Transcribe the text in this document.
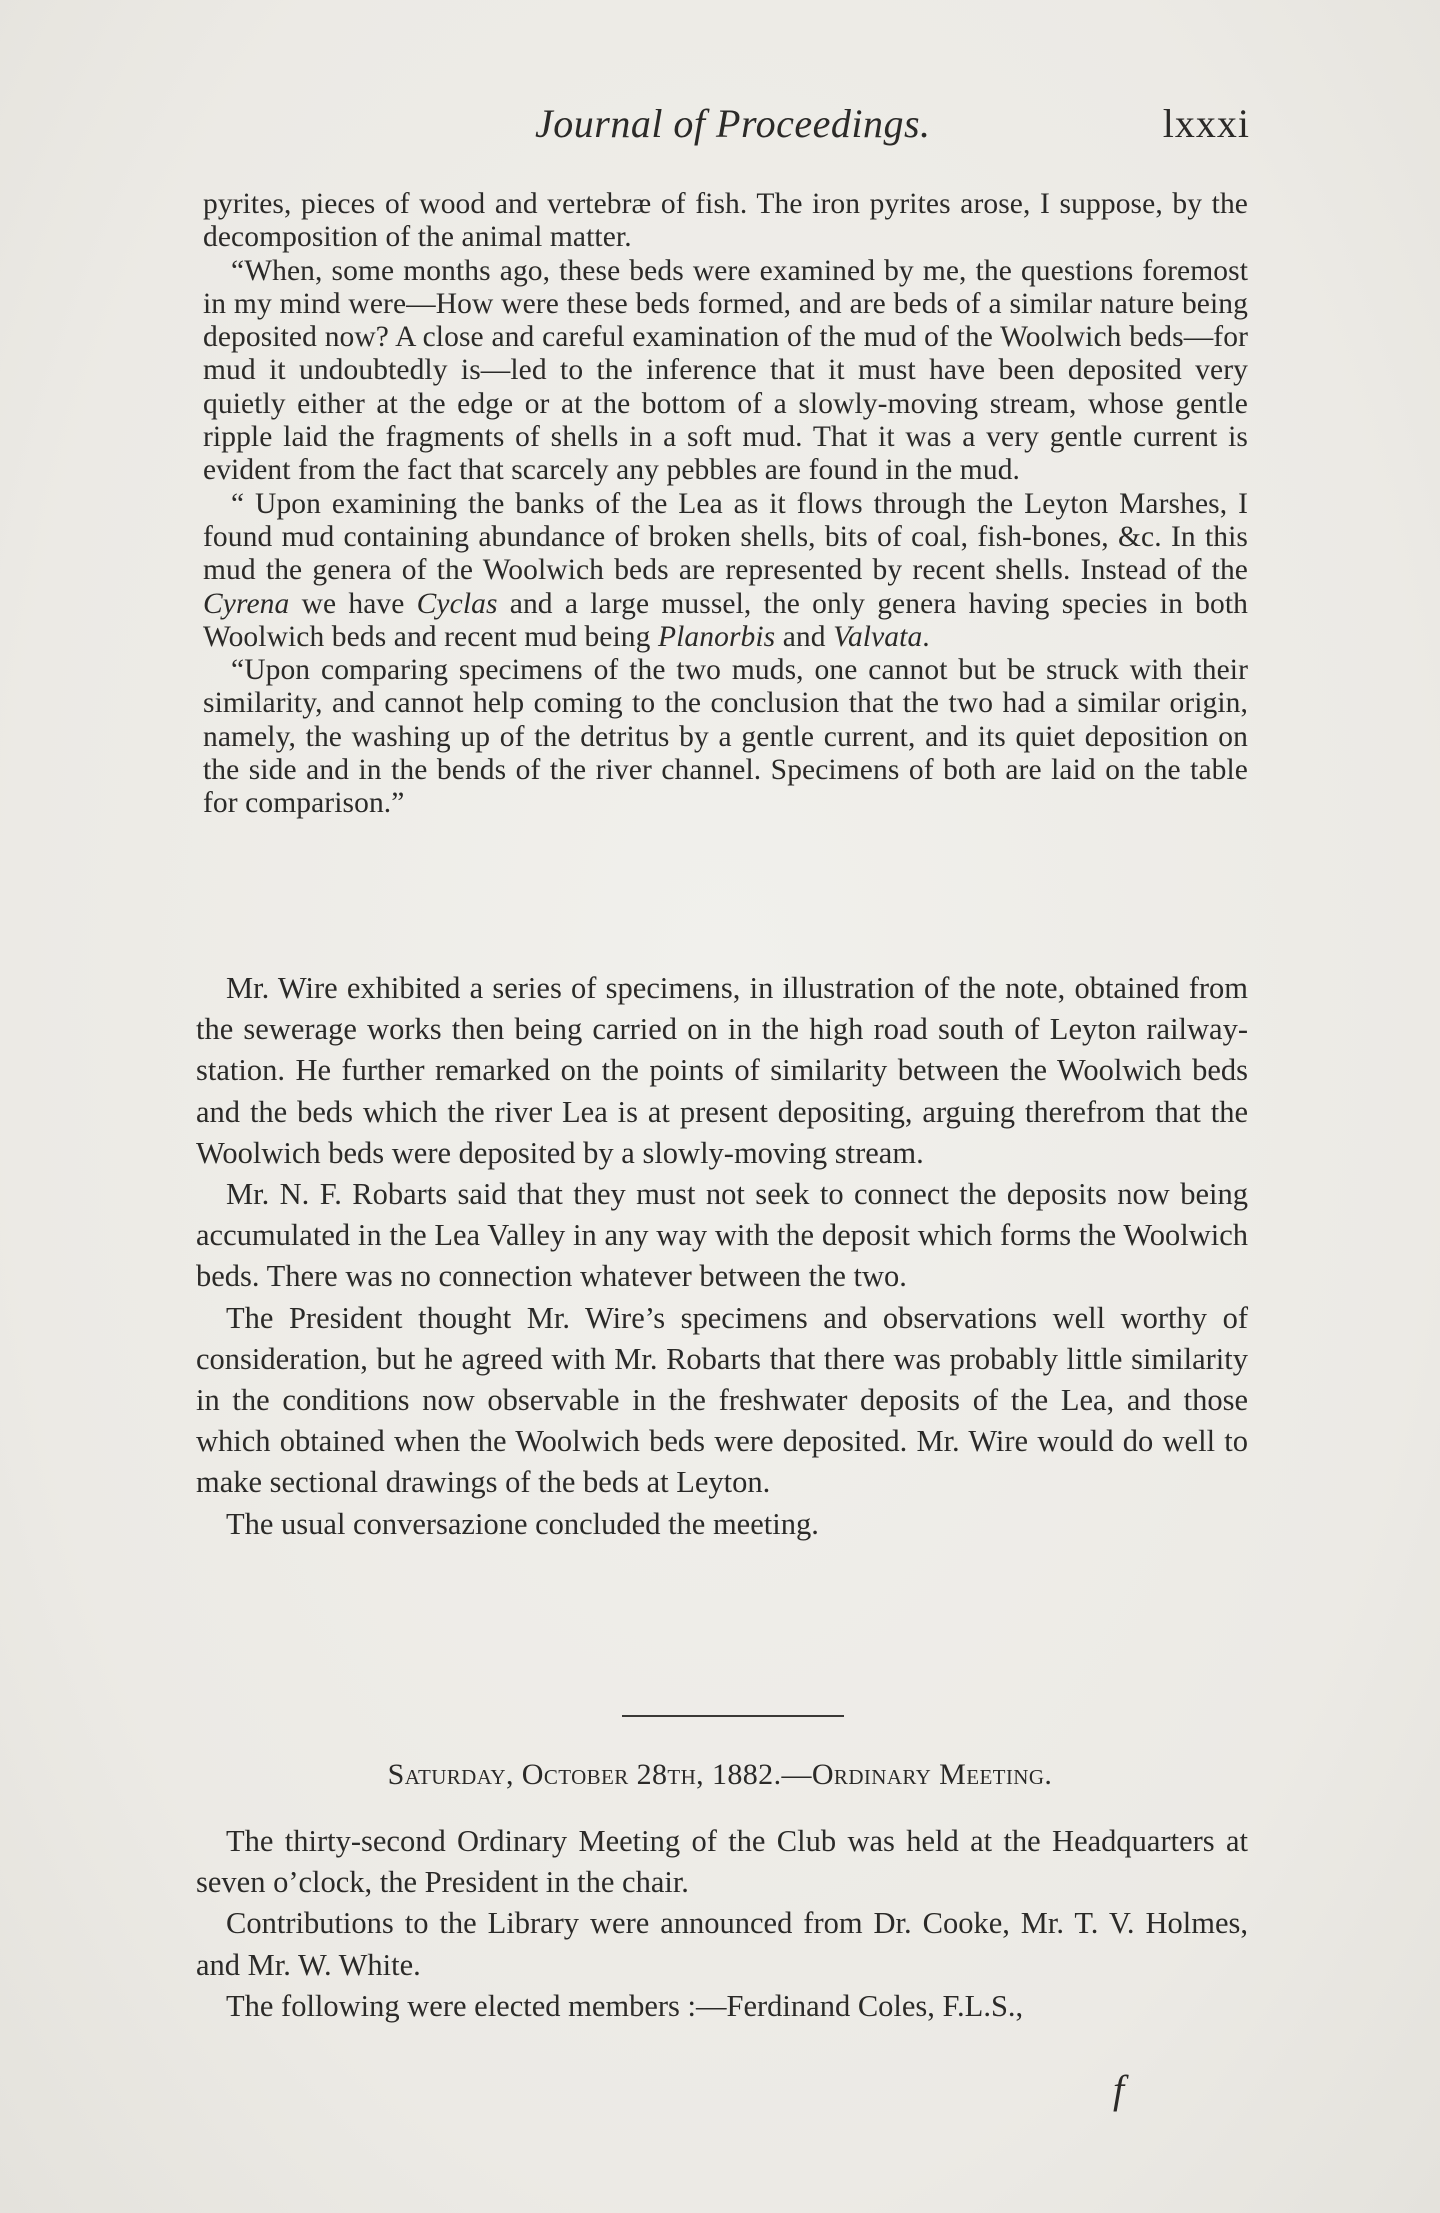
Journal of Proceedings.	lxxxi

pyrites, pieces of wood and vertebræ of fish. The iron pyrites arose, I suppose, by the decomposition of the animal matter.

“When, some months ago, these beds were examined by me, the questions foremost in my mind were—How were these beds formed, and are beds of a similar nature being deposited now? A close and careful examination of the mud of the Woolwich beds—for mud it undoubtedly is—led to the inference that it must have been deposited very quietly either at the edge or at the bottom of a slowly-moving stream, whose gentle ripple laid the fragments of shells in a soft mud. That it was a very gentle current is evident from the fact that scarcely any pebbles are found in the mud.

“ Upon examining the banks of the Lea as it flows through the Leyton Marshes, I found mud containing abundance of broken shells, bits of coal, fish-bones, &c. In this mud the genera of the Woolwich beds are represented by recent shells. Instead of the Cyrena we have Cyclas and a large mussel, the only genera having species in both Woolwich beds and recent mud being Planorbis and Valvata.

“Upon comparing specimens of the two muds, one cannot but be struck with their similarity, and cannot help coming to the conclusion that the two had a similar origin, namely, the washing up of the detritus by a gentle current, and its quiet deposition on the side and in the bends of the river channel. Specimens of both are laid on the table for comparison.”

Mr. Wire exhibited a series of specimens, in illustration of the note, obtained from the sewerage works then being carried on in the high road south of Leyton railway-station. He further remarked on the points of similarity between the Woolwich beds and the beds which the river Lea is at present depositing, arguing therefrom that the Woolwich beds were deposited by a slowly-moving stream.

Mr. N. F. Robarts said that they must not seek to connect the deposits now being accumulated in the Lea Valley in any way with the deposit which forms the Woolwich beds. There was no connection whatever between the two.

The President thought Mr. Wire’s specimens and observations well worthy of consideration, but he agreed with Mr. Robarts that there was probably little similarity in the conditions now observable in the freshwater deposits of the Lea, and those which obtained when the Woolwich beds were deposited. Mr. Wire would do well to make sectional drawings of the beds at Leyton.

The usual conversazione concluded the meeting.

Saturday, October 28th, 1882.—Ordinary Meeting.

The thirty-second Ordinary Meeting of the Club was held at the Headquarters at seven o’clock, the President in the chair.

Contributions to the Library were announced from Dr. Cooke, Mr. T. V. Holmes, and Mr. W. White.

The following were elected members :—Ferdinand Coles, F.L.S.,

f
